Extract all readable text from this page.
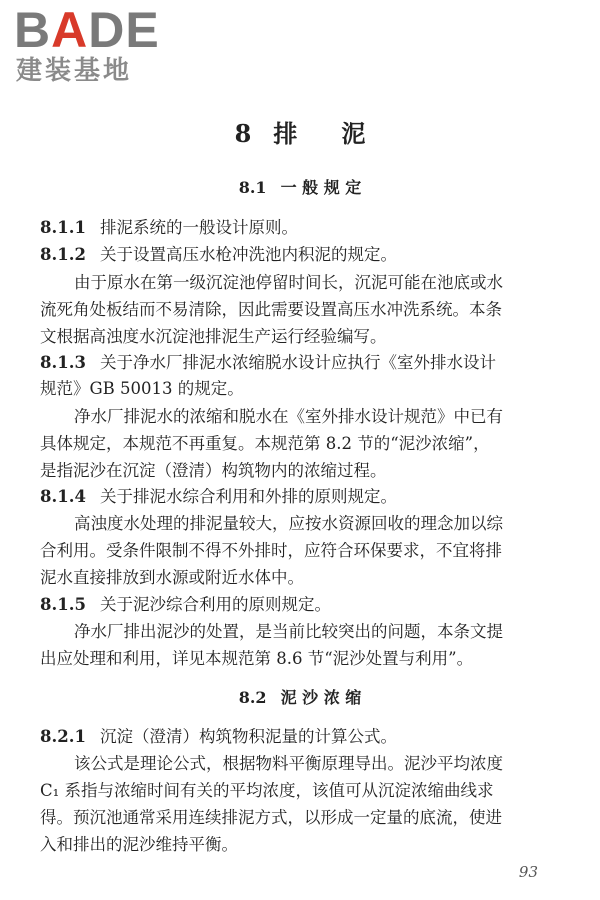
BADE
建装基地
8 排 泥
8.1 一 般 规 定
8.1.1 排泥系统的一般设计原则。
8.1.2 关于设置高压水枪冲洗池内积泥的规定。
由于原水在第一级沉淀池停留时间长，沉泥可能在池底或水
流死角处板结而不易清除，因此需要设置高压水冲洗系统。本条
文根据高浊度水沉淀池排泥生产运行经验编写。
8.1.3 关于净水厂排泥水浓缩脱水设计应执行《室外排水设计
规范》GB 50013 的规定。
净水厂排泥水的浓缩和脱水在《室外排水设计规范》中已有
具体规定，本规范不再重复。本规范第 8.2 节的“泥沙浓缩”，
是指泥沙在沉淀（澄清）构筑物内的浓缩过程。
8.1.4 关于排泥水综合利用和外排的原则规定。
高浊度水处理的排泥量较大，应按水资源回收的理念加以综
合利用。受条件限制不得不外排时，应符合环保要求，不宜将排
泥水直接排放到水源或附近水体中。
8.1.5 关于泥沙综合利用的原则规定。
净水厂排出泥沙的处置，是当前比较突出的问题，本条文提
出应处理和利用，详见本规范第 8.6 节“泥沙处置与利用”。
8.2 泥 沙 浓 缩
8.2.1 沉淀（澄清）构筑物积泥量的计算公式。
该公式是理论公式，根据物料平衡原理导出。泥沙平均浓度
C₁ 系指与浓缩时间有关的平均浓度，该值可从沉淀浓缩曲线求
得。预沉池通常采用连续排泥方式，以形成一定量的底流，使进
入和排出的泥沙维持平衡。
93
